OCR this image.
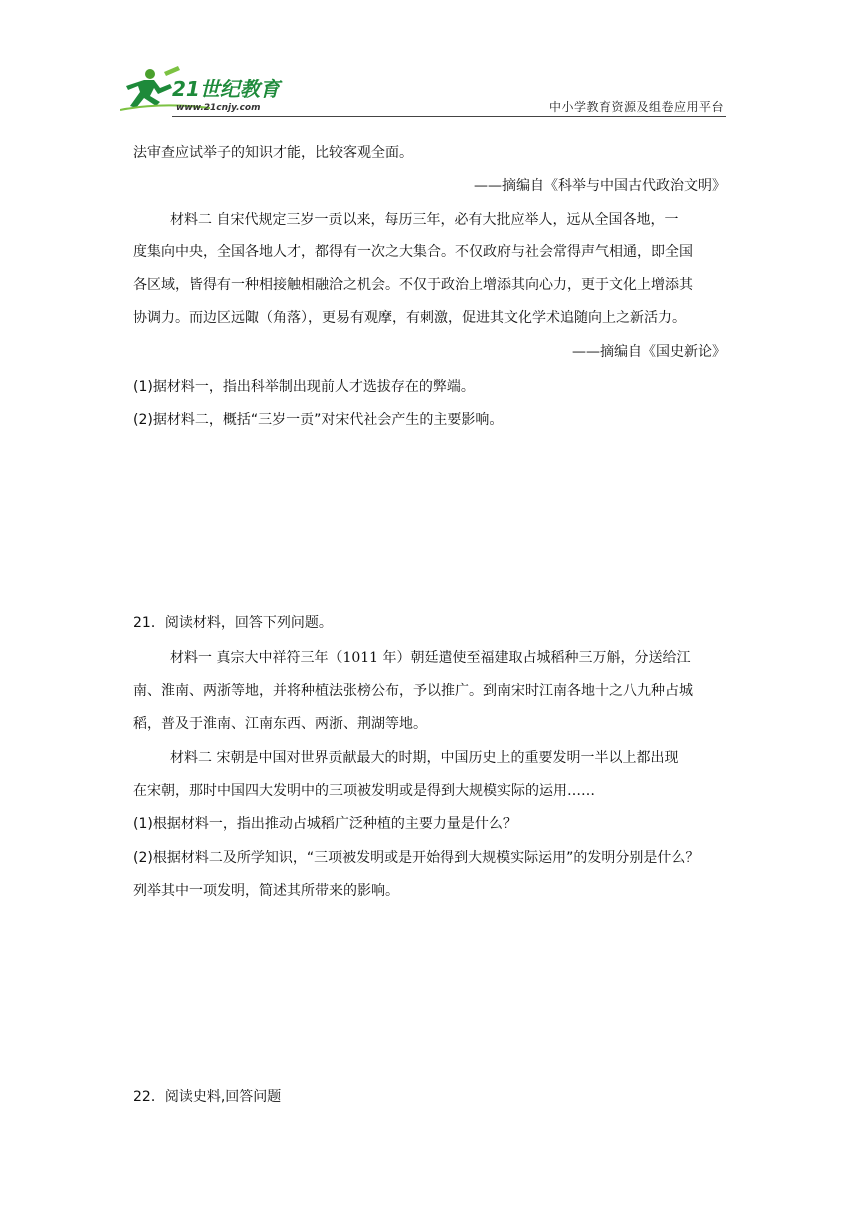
21世纪教育
www.21cnjy.com	中小学教育资源及组卷应用平台
法审查应试举子的知识才能，比较客观全面。
——摘编自《科举与中国古代政治文明》
材料二 自宋代规定三岁一贡以来，每历三年，必有大批应举人，远从全国各地，一
度集向中央，全国各地人才，都得有一次之大集合。不仅政府与社会常得声气相通，即全国
各区域，皆得有一种相接触相融洽之机会。不仅于政治上增添其向心力，更于文化上增添其
协调力。而边区远陬（角落），更易有观摩，有刺激，促进其文化学术追随向上之新活力。
——摘编自《国史新论》
(1)据材料一，指出科举制出现前人才选拔存在的弊端。
(2)据材料二，概括“三岁一贡”对宋代社会产生的主要影响。
21．阅读材料，回答下列问题。
材料一 真宗大中祥符三年（1011 年）朝廷遣使至福建取占城稻种三万斛，分送给江
南、淮南、两浙等地，并将种植法张榜公布，予以推广。到南宋时江南各地十之八九种占城
稻，普及于淮南、江南东西、两浙、荆湖等地。
材料二 宋朝是中国对世界贡献最大的时期，中国历史上的重要发明一半以上都出现
在宋朝，那时中国四大发明中的三项被发明或是得到大规模实际的运用……
(1)根据材料一，指出推动占城稻广泛种植的主要力量是什么？
(2)根据材料二及所学知识，“三项被发明或是开始得到大规模实际运用”的发明分别是什么？
列举其中一项发明，简述其所带来的影响。
22．阅读史料,回答问题
